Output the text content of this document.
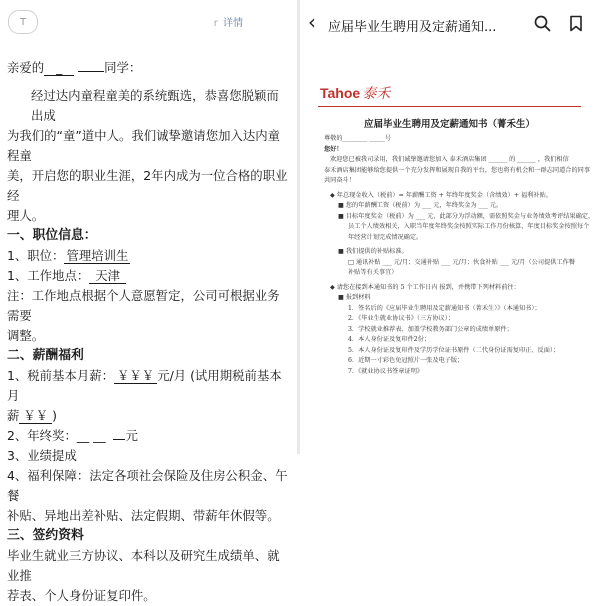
T	r 详情

亲爱的 _	同学：

经过达内童程童美的系统甄选，恭喜您脱颖而出成

为我们的“童”道中人。我们诚挚邀请您加入达内童程童

美，开启您的职业生涯，2年内成为一位合格的职业经

理人。

一、职位信息：

1、职位： 管理培训生

1、工作地点： 天津

注：工作地点根据个人意愿暂定，公司可根据业务需要

调整。

二、薪酬福利

1、税前基本月薪： ￥￥￥ 元/月 (试用期税前基本月

薪 ￥￥ )

2、年终奖：__ __ 元

3、业绩提成

4、福利保障：法定各项社会保险及住房公积金、午餐

补贴、异地出差补贴、法定假期、带薪年休假等。

三、签约资料

毕业生就业三方协议、本科以及研究生成绩单、就业推

荐表、个人身份证复印件。

‹ 应届毕业生聘用及定薪通知...
Tahoe 泰禾
应届毕业生聘用及定薪通知书（菁禾生）

尊敬的________ _____号

您好！

欢迎您已被我司录用，我们诚挚邀请您加入 泰禾酒店集团 ______ 的 ______ ，我们相信

泰禾酒店集团能够给您提供一个充分发挥和展现自我的平台，您也将有机会和一群志同道合的同事

共同奋斗！

◆ 年总现金收入（税前）= 年薪酬工资 + 年终年度奖金（含绩效）+ 福利补贴。

■ 您的年薪酬工资（税前）为 ___ 元，年终奖金为 ___ 元。

■ 目标年度奖金（税前）为 ___ 元，此部分为浮动额，需依照奖金与业务绩效考评结果确定，

员工个人绩效相关，入职当年度年终奖金按照实际工作月份核算，年度目标奖金按照每个

年经营计划完成情况确定。

■ 我们提供的补贴标准。

□ 通讯补贴 ___ 元/月；交通补贴 ___ 元/月；伙食补贴 ___ 元/月（公司提供工作餐

补贴等有关事宜）

◆ 请您在接到本通知书的 5 个工作日内 报到，并携带下列材料前往：

■ 报到材料

1．签名后的《应届毕业生聘用及定薪通知书（菁禾生）》（本通知书）；

2．《毕业生就业协议书》（三方协议）；

3．学校就业推荐表、加盖学校教务部门公章的成绩单原件；

4．本人身份证及复印件2份；

5．本人身份证及复印件及学历学位证书原件（二代身份证需复印正、反面）；

6．近期一寸彩色免冠照片一张及电子版；

7．《就业协议书签章证明》
